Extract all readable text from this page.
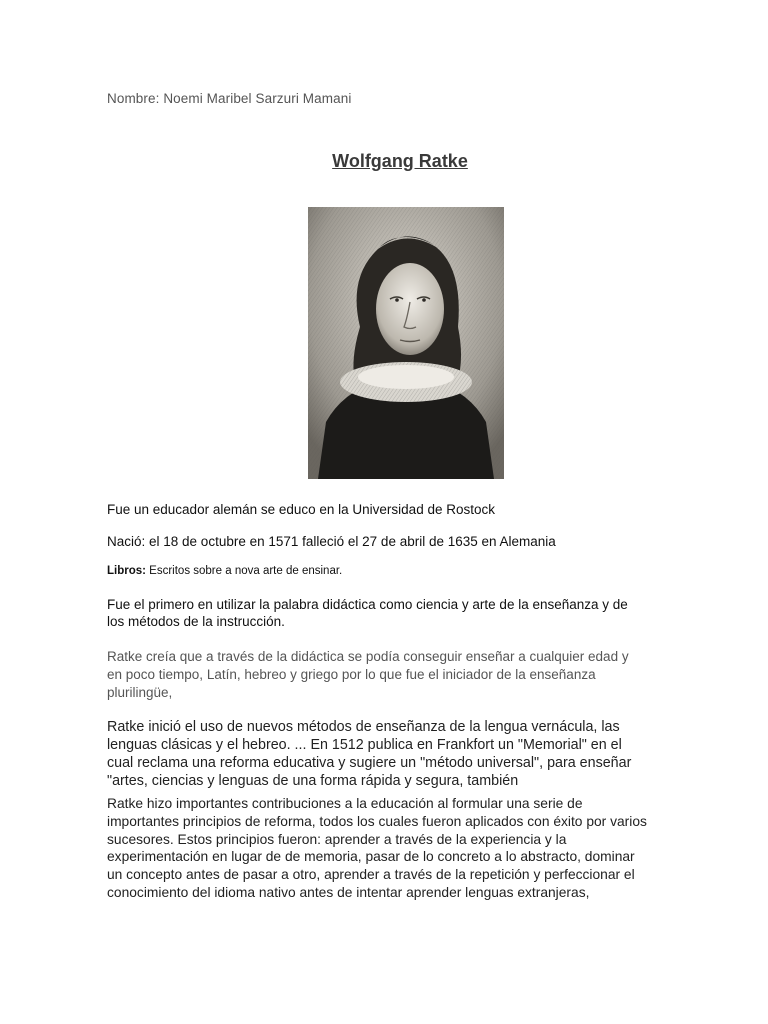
Nombre: Noemi Maribel Sarzuri Mamani
Wolfgang Ratke

Fue un educador alemán se educo en la Universidad de Rostock

Nació: el 18 de octubre en 1571 falleció el 27 de abril de 1635 en Alemania

Libros: Escritos sobre a nova arte de ensinar.

Fue el primero en utilizar la palabra didáctica como ciencia y arte de la enseñanza y de los métodos de la instrucción.

Ratke creía que a través de la didáctica se podía conseguir enseñar a cualquier edad y en poco tiempo, Latín, hebreo y griego por lo que fue el iniciador de la enseñanza plurilingüe,

Ratke inició el uso de nuevos métodos de enseñanza de la lengua vernácula, las lenguas clásicas y el hebreo. ... En 1512 publica en Frankfort un "Memorial" en el cual reclama una reforma educativa y sugiere un "método universal", para enseñar "artes, ciencias y lenguas de una forma rápida y segura, también

Ratke hizo importantes contribuciones a la educación al formular una serie de importantes principios de reforma, todos los cuales fueron aplicados con éxito por varios sucesores. Estos principios fueron: aprender a través de la experiencia y la experimentación en lugar de de memoria, pasar de lo concreto a lo abstracto, dominar un concepto antes de pasar a otro, aprender a través de la repetición y perfeccionar el conocimiento del idioma nativo antes de intentar aprender lenguas extranjeras,
